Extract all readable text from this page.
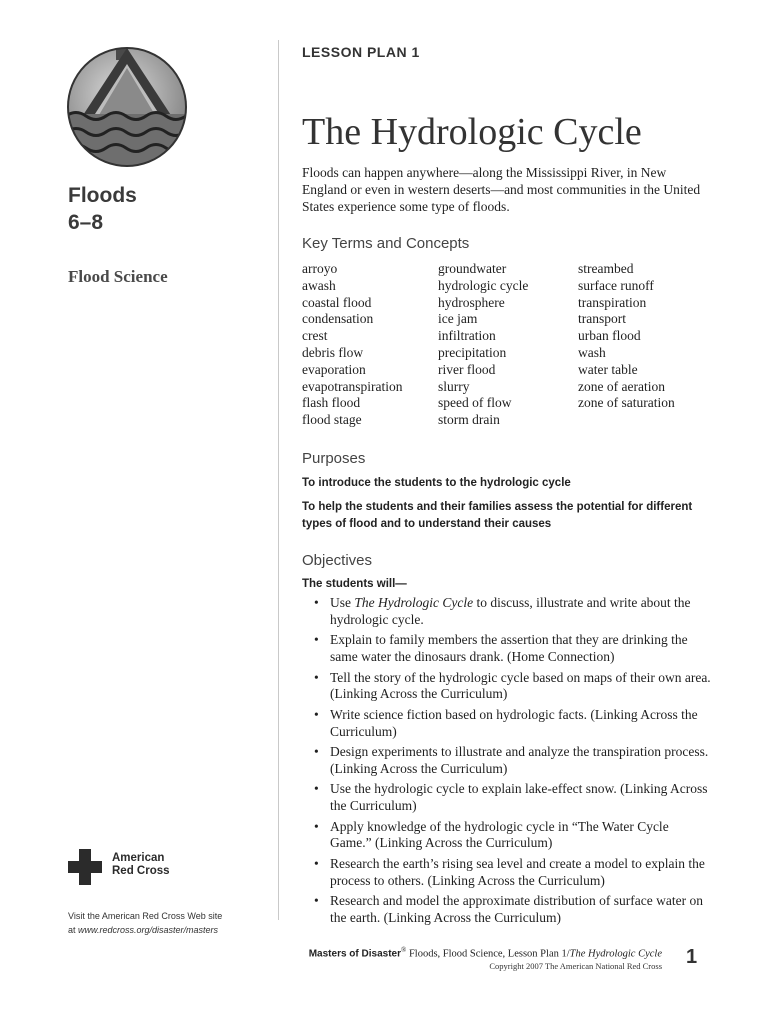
Floods
6–8
Flood Science
American
Red Cross
Visit the American Red Cross Web site
at www.redcross.org/disaster/masters
LESSON PLAN 1
The Hydrologic Cycle

Floods can happen anywhere—along the Mississippi River, in New England or even in western deserts—and most communities in the United States experience some type of floods.

Key Terms and Concepts
arroyo
awash
coastal flood
condensation
crest
debris flow
evaporation
evapotranspiration
flash flood
flood stage
groundwater
hydrologic cycle
hydrosphere
ice jam
infiltration
precipitation
river flood
slurry
speed of flow
storm drain
streambed
surface runoff
transpiration
transport
urban flood
wash
water table
zone of aeration
zone of saturation
Purposes

To introduce the students to the hydrologic cycle

To help the students and their families assess the potential for different types of flood and to understand their causes

Objectives
The students will—
• Use The Hydrologic Cycle to discuss, illustrate and write about the hydrologic cycle.
• Explain to family members the assertion that they are drinking the same water the dinosaurs drank. (Home Connection)
• Tell the story of the hydrologic cycle based on maps of their own area. (Linking Across the Curriculum)
• Write science fiction based on hydrologic facts. (Linking Across the Curriculum)
• Design experiments to illustrate and analyze the transpiration process. (Linking Across the Curriculum)
• Use the hydrologic cycle to explain lake-effect snow. (Linking Across the Curriculum)
• Apply knowledge of the hydrologic cycle in “The Water Cycle Game.” (Linking Across the Curriculum)
• Research the earth’s rising sea level and create a model to explain the process to others. (Linking Across the Curriculum)
• Research and model the approximate distribution of surface water on the earth. (Linking Across the Curriculum)
Masters of Disaster® Floods, Flood Science, Lesson Plan 1/The Hydrologic Cycle
Copyright 2007 The American National Red Cross 1
